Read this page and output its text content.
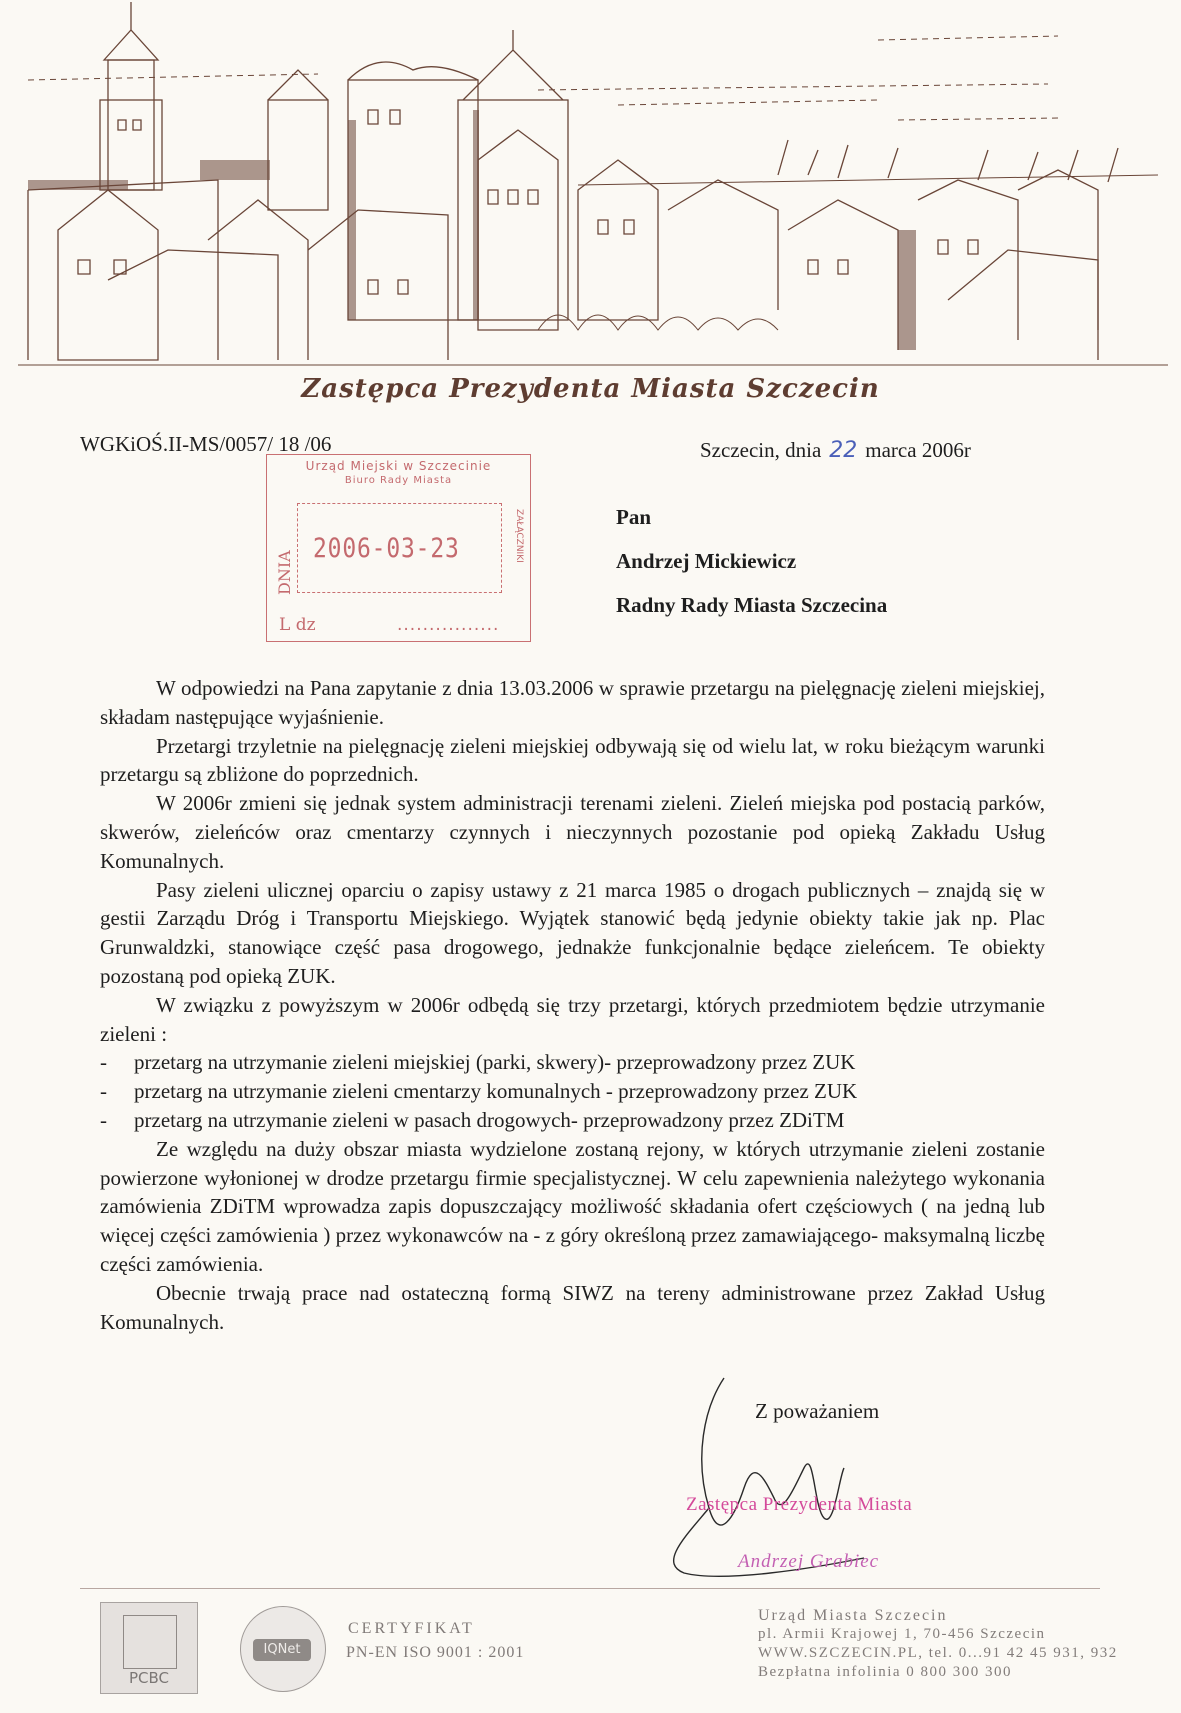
Zastępca Prezydenta Miasta Szczecin
WGKiOŚ.II-MS/0057/ 18 /06	Szczecin, dnia 22 marca 2006r
Urząd Miejski w Szczecinie
Biuro Rady Miasta
DNIA
2006-03-23	ZAŁĄCZNIKI
L dz	................
Pan
Andrzej Mickiewicz
Radny Rady Miasta Szczecina

W odpowiedzi na Pana zapytanie z dnia 13.03.2006 w sprawie przetargu na pielęgnację zieleni miejskiej, składam następujące wyjaśnienie.

Przetargi trzyletnie na pielęgnację zieleni miejskiej odbywają się od wielu lat, w roku bieżącym warunki przetargu są zbliżone do poprzednich.

W 2006r zmieni się jednak system administracji terenami zieleni. Zieleń miejska pod postacią parków, skwerów, zieleńców oraz cmentarzy czynnych i nieczynnych pozostanie pod opieką Zakładu Usług Komunalnych.

Pasy zieleni ulicznej oparciu o zapisy ustawy z 21 marca 1985 o drogach publicznych – znajdą się w gestii Zarządu Dróg i Transportu Miejskiego. Wyjątek stanowić będą jedynie obiekty takie jak np. Plac Grunwaldzki, stanowiące część pasa drogowego, jednakże funkcjonalnie będące zieleńcem. Te obiekty pozostaną pod opieką ZUK.

W związku z powyższym w 2006r odbędą się trzy przetargi, których przedmiotem będzie utrzymanie zieleni :

- przetarg na utrzymanie zieleni miejskiej (parki, skwery)- przeprowadzony przez ZUK
- przetarg na utrzymanie zieleni cmentarzy komunalnych - przeprowadzony przez ZUK
- przetarg na utrzymanie zieleni w pasach drogowych- przeprowadzony przez ZDiTM

Ze względu na duży obszar miasta wydzielone zostaną rejony, w których utrzymanie zieleni zostanie powierzone wyłonionej w drodze przetargu firmie specjalistycznej. W celu zapewnienia należytego wykonania zamówienia ZDiTM wprowadza zapis dopuszczający możliwość składania ofert częściowych ( na jedną lub więcej części zamówienia ) przez wykonawców na - z góry określoną przez zamawiającego- maksymalną liczbę części zamówienia.

Obecnie trwają prace nad ostateczną formą SIWZ na tereny administrowane przez Zakład Usług Komunalnych.

Z poważaniem
Zastępca Prezydenta Miasta
Andrzej Grabiec
PCBC
IQNet
CERTYFIKAT
PN-EN ISO 9001 : 2001
Urząd Miasta Szczecin
pl. Armii Krajowej 1, 70-456 Szczecin
WWW.SZCZECIN.PL, tel. 0...91 42 45 931, 932
Bezpłatna infolinia 0 800 300 300
